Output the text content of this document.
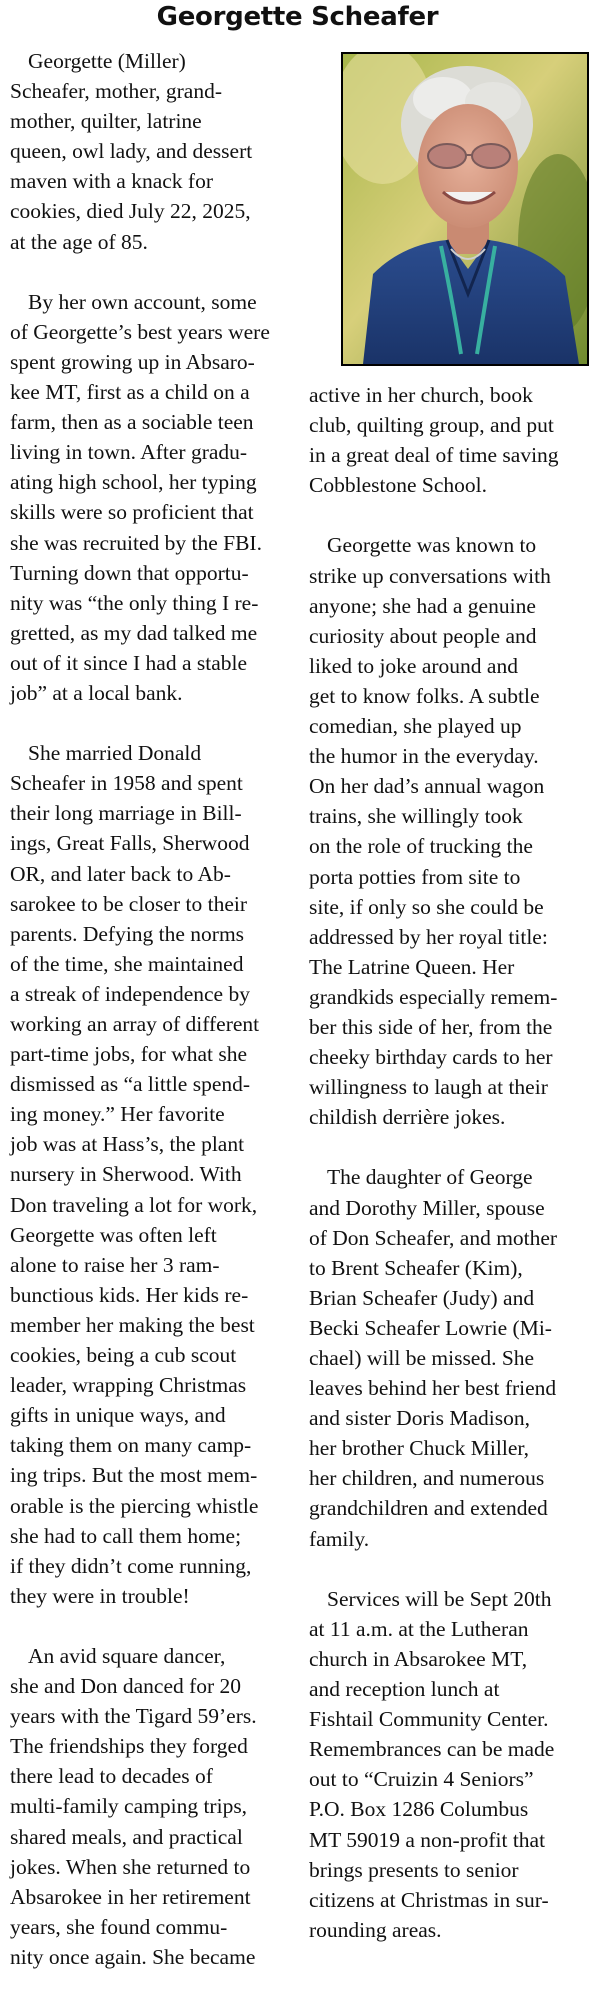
Georgette Scheafer

Georgette (Miller)

Scheafer, mother, grand-

mother, quilter, latrine

queen, owl lady, and dessert

maven with a knack for

cookies, died July 22, 2025,

at the age of 85.

By her own account, some

of Georgette’s best years were

spent growing up in Absaro-

kee MT, first as a child on a

farm, then as a sociable teen

living in town. After gradu-

ating high school, her typing

skills were so proficient that

she was recruited by the FBI.

Turning down that opportu-

nity was “the only thing I re-

gretted, as my dad talked me

out of it since I had a stable

job” at a local bank.

She married Donald

Scheafer in 1958 and spent

their long marriage in Bill-

ings, Great Falls, Sherwood

OR, and later back to Ab-

sarokee to be closer to their

parents. Defying the norms

of the time, she maintained

a streak of independence by

working an array of different

part-time jobs, for what she

dismissed as “a little spend-

ing money.” Her favorite

job was at Hass’s, the plant

nursery in Sherwood. With

Don traveling a lot for work,

Georgette was often left

alone to raise her 3 ram-

bunctious kids. Her kids re-

member her making the best

cookies, being a cub scout

leader, wrapping Christmas

gifts in unique ways, and

taking them on many camp-

ing trips. But the most mem-

orable is the piercing whistle

she had to call them home;

if they didn’t come running,

they were in trouble!

An avid square dancer,

she and Don danced for 20

years with the Tigard 59’ers.

The friendships they forged

there lead to decades of

multi-family camping trips,

shared meals, and practical

jokes. When she returned to

Absarokee in her retirement

years, she found commu-

nity once again. She became

active in her church, book

club, quilting group, and put

in a great deal of time saving

Cobblestone School.

Georgette was known to

strike up conversations with

anyone; she had a genuine

curiosity about people and

liked to joke around and

get to know folks. A subtle

comedian, she played up

the humor in the everyday.

On her dad’s annual wagon

trains, she willingly took

on the role of trucking the

porta potties from site to

site, if only so she could be

addressed by her royal title:

The Latrine Queen. Her

grandkids especially remem-

ber this side of her, from the

cheeky birthday cards to her

willingness to laugh at their

childish derrière jokes.

The daughter of George

and Dorothy Miller, spouse

of Don Scheafer, and mother

to Brent Scheafer (Kim),

Brian Scheafer (Judy) and

Becki Scheafer Lowrie (Mi-

chael) will be missed. She

leaves behind her best friend

and sister Doris Madison,

her brother Chuck Miller,

her children, and numerous

grandchildren and extended

family.

Services will be Sept 20th

at 11 a.m. at the Lutheran

church in Absarokee MT,

and reception lunch at

Fishtail Community Center.

Remembrances can be made

out to “Cruizin 4 Seniors”

P.O. Box 1286 Columbus

MT 59019 a non-profit that

brings presents to senior

citizens at Christmas in sur-

rounding areas.
